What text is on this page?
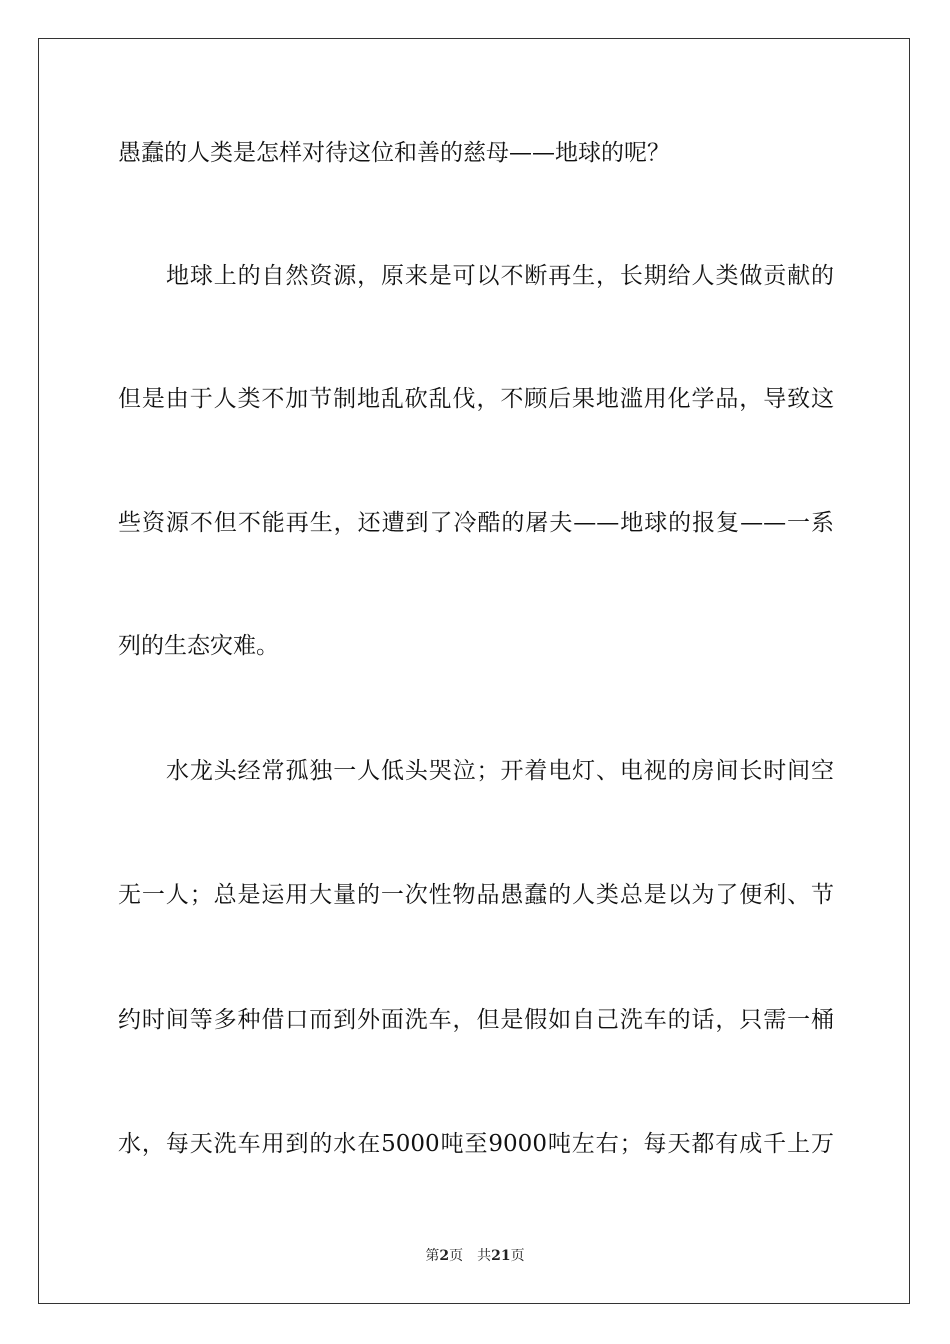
愚蠢的人类是怎样对待这位和善的慈母——地球的呢？
地球上的自然资源，原来是可以不断再生，长期给人类做贡献的
但是由于人类不加节制地乱砍乱伐，不顾后果地滥用化学品，导致这
些资源不但不能再生，还遭到了冷酷的屠夫——地球的报复——一系
列的生态灾难。
水龙头经常孤独一人低头哭泣；开着电灯、电视的房间长时间空
无一人；总是运用大量的一次性物品愚蠢的人类总是以为了便利、节
约时间等多种借口而到外面洗车，但是假如自己洗车的话，只需一桶
水，每天洗车用到的水在5000吨至9000吨左右；每天都有成千上万
第2页 共21页
